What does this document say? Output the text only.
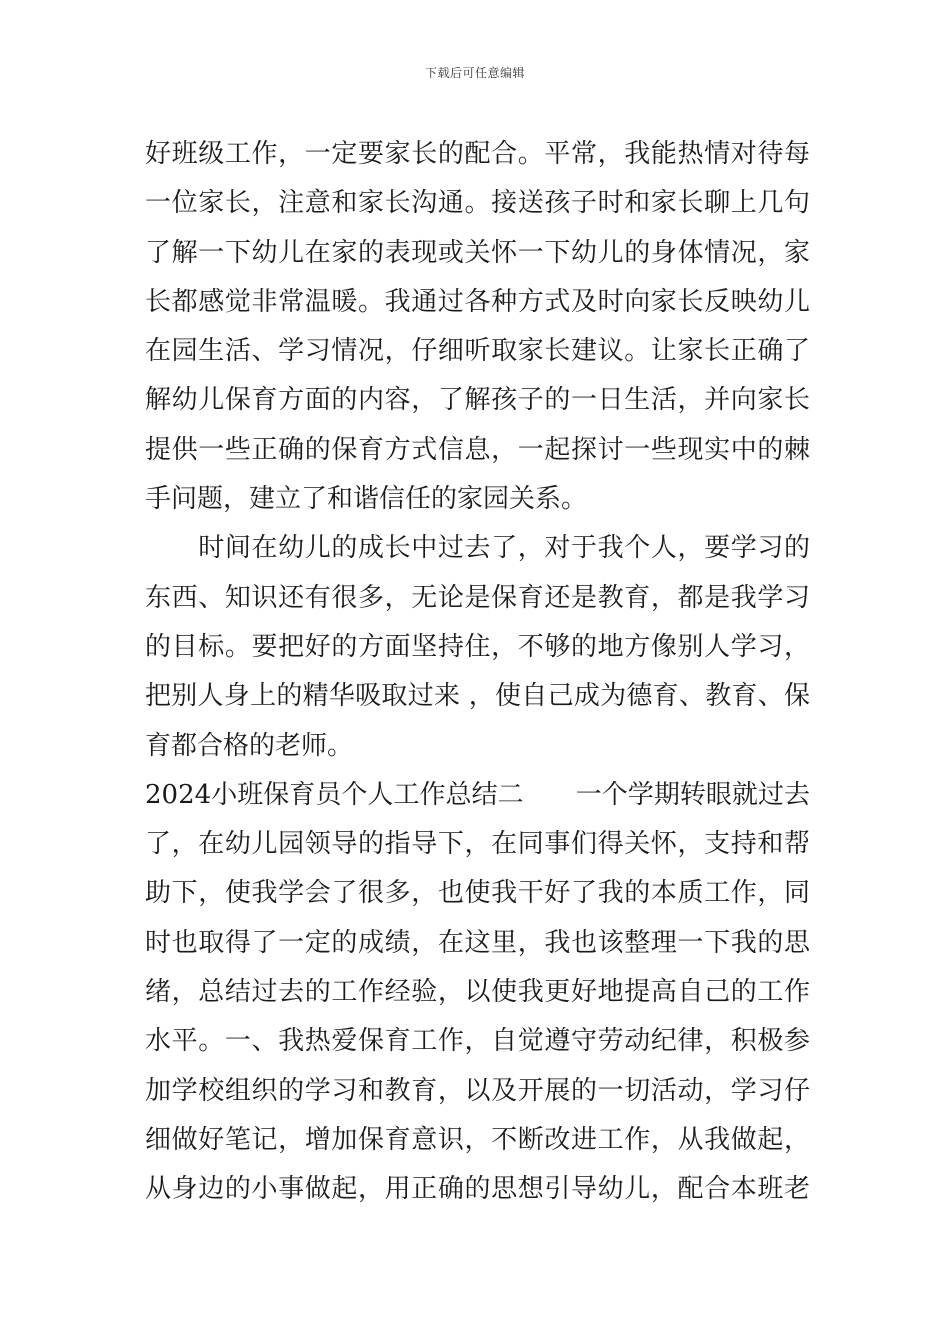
下载后可任意编辑
好班级工作，一定要家长的配合。平常，我能热情对待每
一位家长，注意和家长沟通。接送孩子时和家长聊上几句
了解一下幼儿在家的表现或关怀一下幼儿的身体情况，家
长都感觉非常温暖。我通过各种方式及时向家长反映幼儿
在园生活、学习情况，仔细听取家长建议。让家长正确了
解幼儿保育方面的内容，了解孩子的一日生活，并向家长
提供一些正确的保育方式信息，一起探讨一些现实中的棘
手问题，建立了和谐信任的家园关系。
　　时间在幼儿的成长中过去了，对于我个人，要学习的
东西、知识还有很多，无论是保育还是教育，都是我学习
的目标。要把好的方面坚持住，不够的地方像别人学习，
把别人身上的精华吸取过来 ，使自己成为德育、教育、保
育都合格的老师。
2024小班保育员个人工作总结二　　一个学期转眼就过去
了，在幼儿园领导的指导下，在同事们得关怀，支持和帮
助下，使我学会了很多，也使我干好了我的本质工作，同
时也取得了一定的成绩，在这里，我也该整理一下我的思
绪，总结过去的工作经验，以使我更好地提高自己的工作
水平。一、我热爱保育工作，自觉遵守劳动纪律，积极参
加学校组织的学习和教育，以及开展的一切活动，学习仔
细做好笔记，增加保育意识，不断改进工作，从我做起，
从身边的小事做起，用正确的思想引导幼儿，配合本班老
